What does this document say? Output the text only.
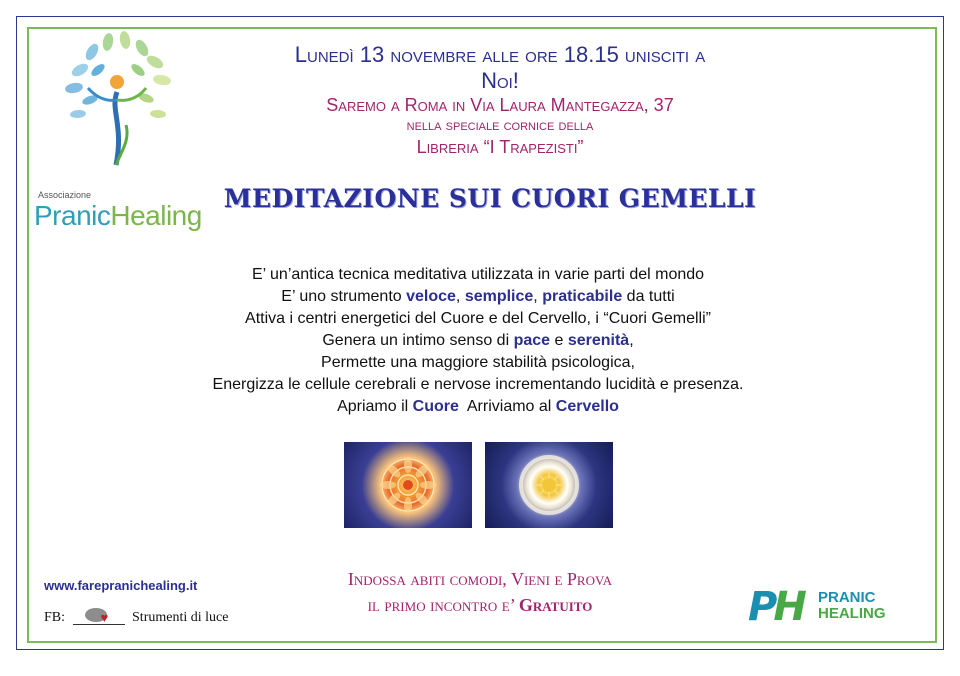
Associazione
PranicHealing
Lunedì 13 novembre alle ore 18.15 unisciti a
Noi!
Saremo a Roma in Via Laura Mantegazza, 37
nella speciale cornice della
Libreria “I Trapezisti”
MEDITAZIONE SUI CUORI GEMELLI
E’ un’antica tecnica meditativa utilizzata in varie parti del mondo
E’ uno strumento veloce, semplice, praticabile da tutti
Attiva i centri energetici del Cuore e del Cervello, i “Cuori Gemelli”
Genera un intimo senso di pace e serenità,
Permette una maggiore stabilità psicologica,
Energizza le cellule cerebrali e nervose incrementando lucidità e presenza.
Apriamo il Cuore  Arriviamo al Cervello
www.farepranichealing.it
FB:	♥ Strumenti di luce
Indossa abiti comodi, Vieni e Prova
il primo incontro e’ Gratuito	PH PRANIC
HEALING
